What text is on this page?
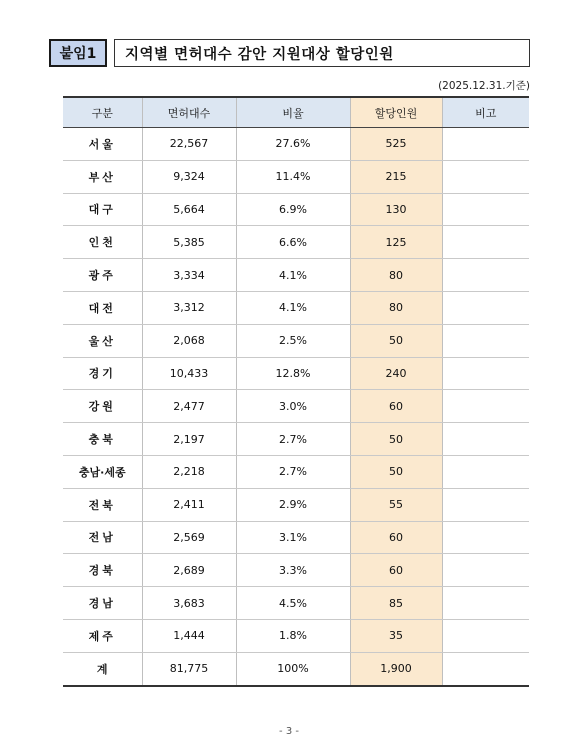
붙임1	지역별 면허대수 감안 지원대상 할당인원
(2025.12.31.기준)
구분	면허대수	비율	할당인원	비고
서울	22,567	27.6%	525	
부산	9,324	11.4%	215	
대구	5,664	6.9%	130	
인천	5,385	6.6%	125	
광주	3,334	4.1%	80	
대전	3,312	4.1%	80	
울산	2,068	2.5%	50	
경기	10,433	12.8%	240	
강원	2,477	3.0%	60	
충북	2,197	2.7%	50	
충남·세종	2,218	2.7%	50	
전북	2,411	2.9%	55	
전남	2,569	3.1%	60	
경북	2,689	3.3%	60	
경남	3,683	4.5%	85	
제주	1,444	1.8%	35	
계	81,775	100%	1,900	
- 3 -
